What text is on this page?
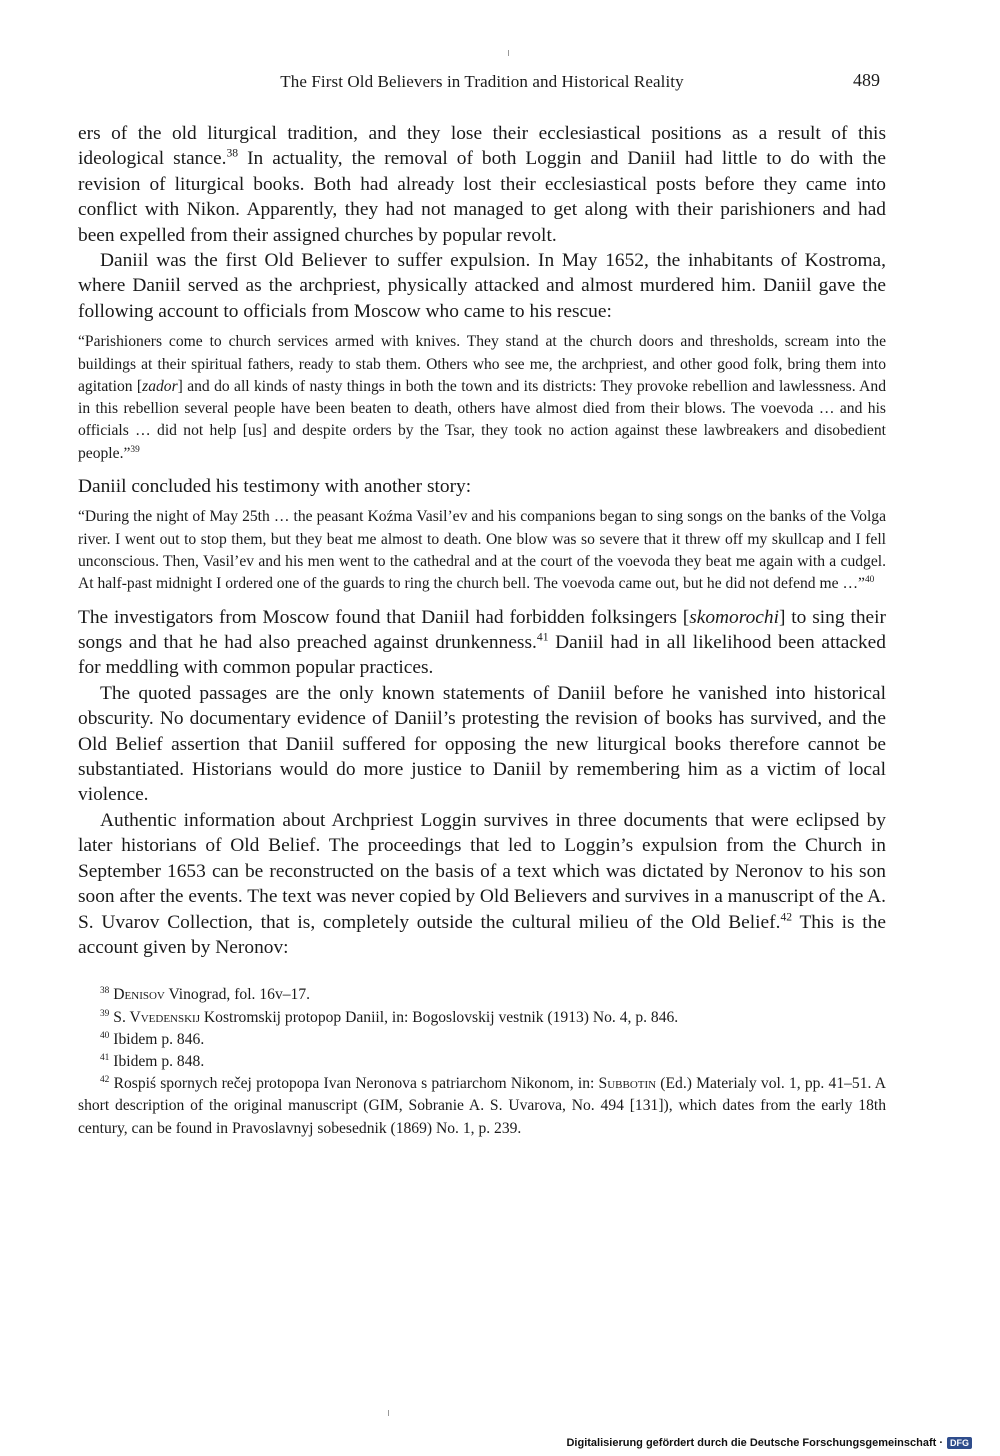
The First Old Believers in Tradition and Historical Reality	489

ers of the old liturgical tradition, and they lose their ecclesiastical positions as a result of this ideological stance.$^{38}$ In actuality, the removal of both Loggin and Daniil had little to do with the revision of liturgical books. Both had already lost their ecclesiastical posts before they came into conflict with Nikon. Apparently, they had not managed to get along with their parishioners and had been expelled from their assigned churches by popular revolt.

Daniil was the first Old Believer to suffer expulsion. In May 1652, the inhabitants of Kostroma, where Daniil served as the archpriest, physically attacked and almost murdered him. Daniil gave the following account to officials from Moscow who came to his rescue:

“Parishioners come to church services armed with knives. They stand at the church doors and thresholds, scream into the buildings at their spiritual fathers, ready to stab them. Others who see me, the archpriest, and other good folk, bring them into agitation [zador] and do all kinds of nasty things in both the town and its districts: They provoke rebellion and lawlessness. And in this rebellion several people have been beaten to death, others have almost died from their blows. The voevoda … and his officials … did not help [us] and despite orders by the Tsar, they took no action against these lawbreakers and disobedient people.”$^{39}$

Daniil concluded his testimony with another story:

“During the night of May 25th … the peasant Koźma Vasil’ev and his companions began to sing songs on the banks of the Volga river. I went out to stop them, but they beat me almost to death. One blow was so severe that it threw off my skullcap and I fell unconscious. Then, Vasil’ev and his men went to the cathedral and at the court of the voevoda they beat me again with a cudgel. At half-past midnight I ordered one of the guards to ring the church bell. The voevoda came out, but he did not defend me …”$^{40}$

The investigators from Moscow found that Daniil had forbidden folksingers [skomorochi] to sing their songs and that he had also preached against drunkenness.$^{41}$ Daniil had in all likelihood been attacked for meddling with common popular practices.

The quoted passages are the only known statements of Daniil before he vanished into historical obscurity. No documentary evidence of Daniil’s protesting the revision of books has survived, and the Old Belief assertion that Daniil suffered for opposing the new liturgical books therefore cannot be substantiated. Historians would do more justice to Daniil by remembering him as a victim of local violence.

Authentic information about Archpriest Loggin survives in three documents that were eclipsed by later historians of Old Belief. The proceedings that led to Loggin’s expulsion from the Church in September 1653 can be reconstructed on the basis of a text which was dictated by Neronov to his son soon after the events. The text was never copied by Old Believers and survives in a manuscript of the A. S. Uvarov Collection, that is, completely outside the cultural milieu of the Old Belief.$^{42}$ This is the account given by Neronov:

$^{38}$ Denisov Vinograd, fol. 16v–17.

$^{39}$ S. Vvedenskij Kostromskij protopop Daniil, in: Bogoslovskij vestnik (1913) No. 4, p. 846.

$^{40}$ Ibidem p. 846.

$^{41}$ Ibidem p. 848.

$^{42}$ Rospiś spornych rečej protopopa Ivan Neronova s patriarchom Nikonom, in: Subbotin (Ed.) Materialy vol. 1, pp. 41–51. A short description of the original manuscript (GIM, Sobranie A. S. Uvarova, No. 494 [131]), which dates from the early 18th century, can be found in Pravoslavnyj sobesednik (1869) No. 1, p. 239.

Digitalisierung gefördert durch die Deutsche Forschungsgemeinschaft · DFG
